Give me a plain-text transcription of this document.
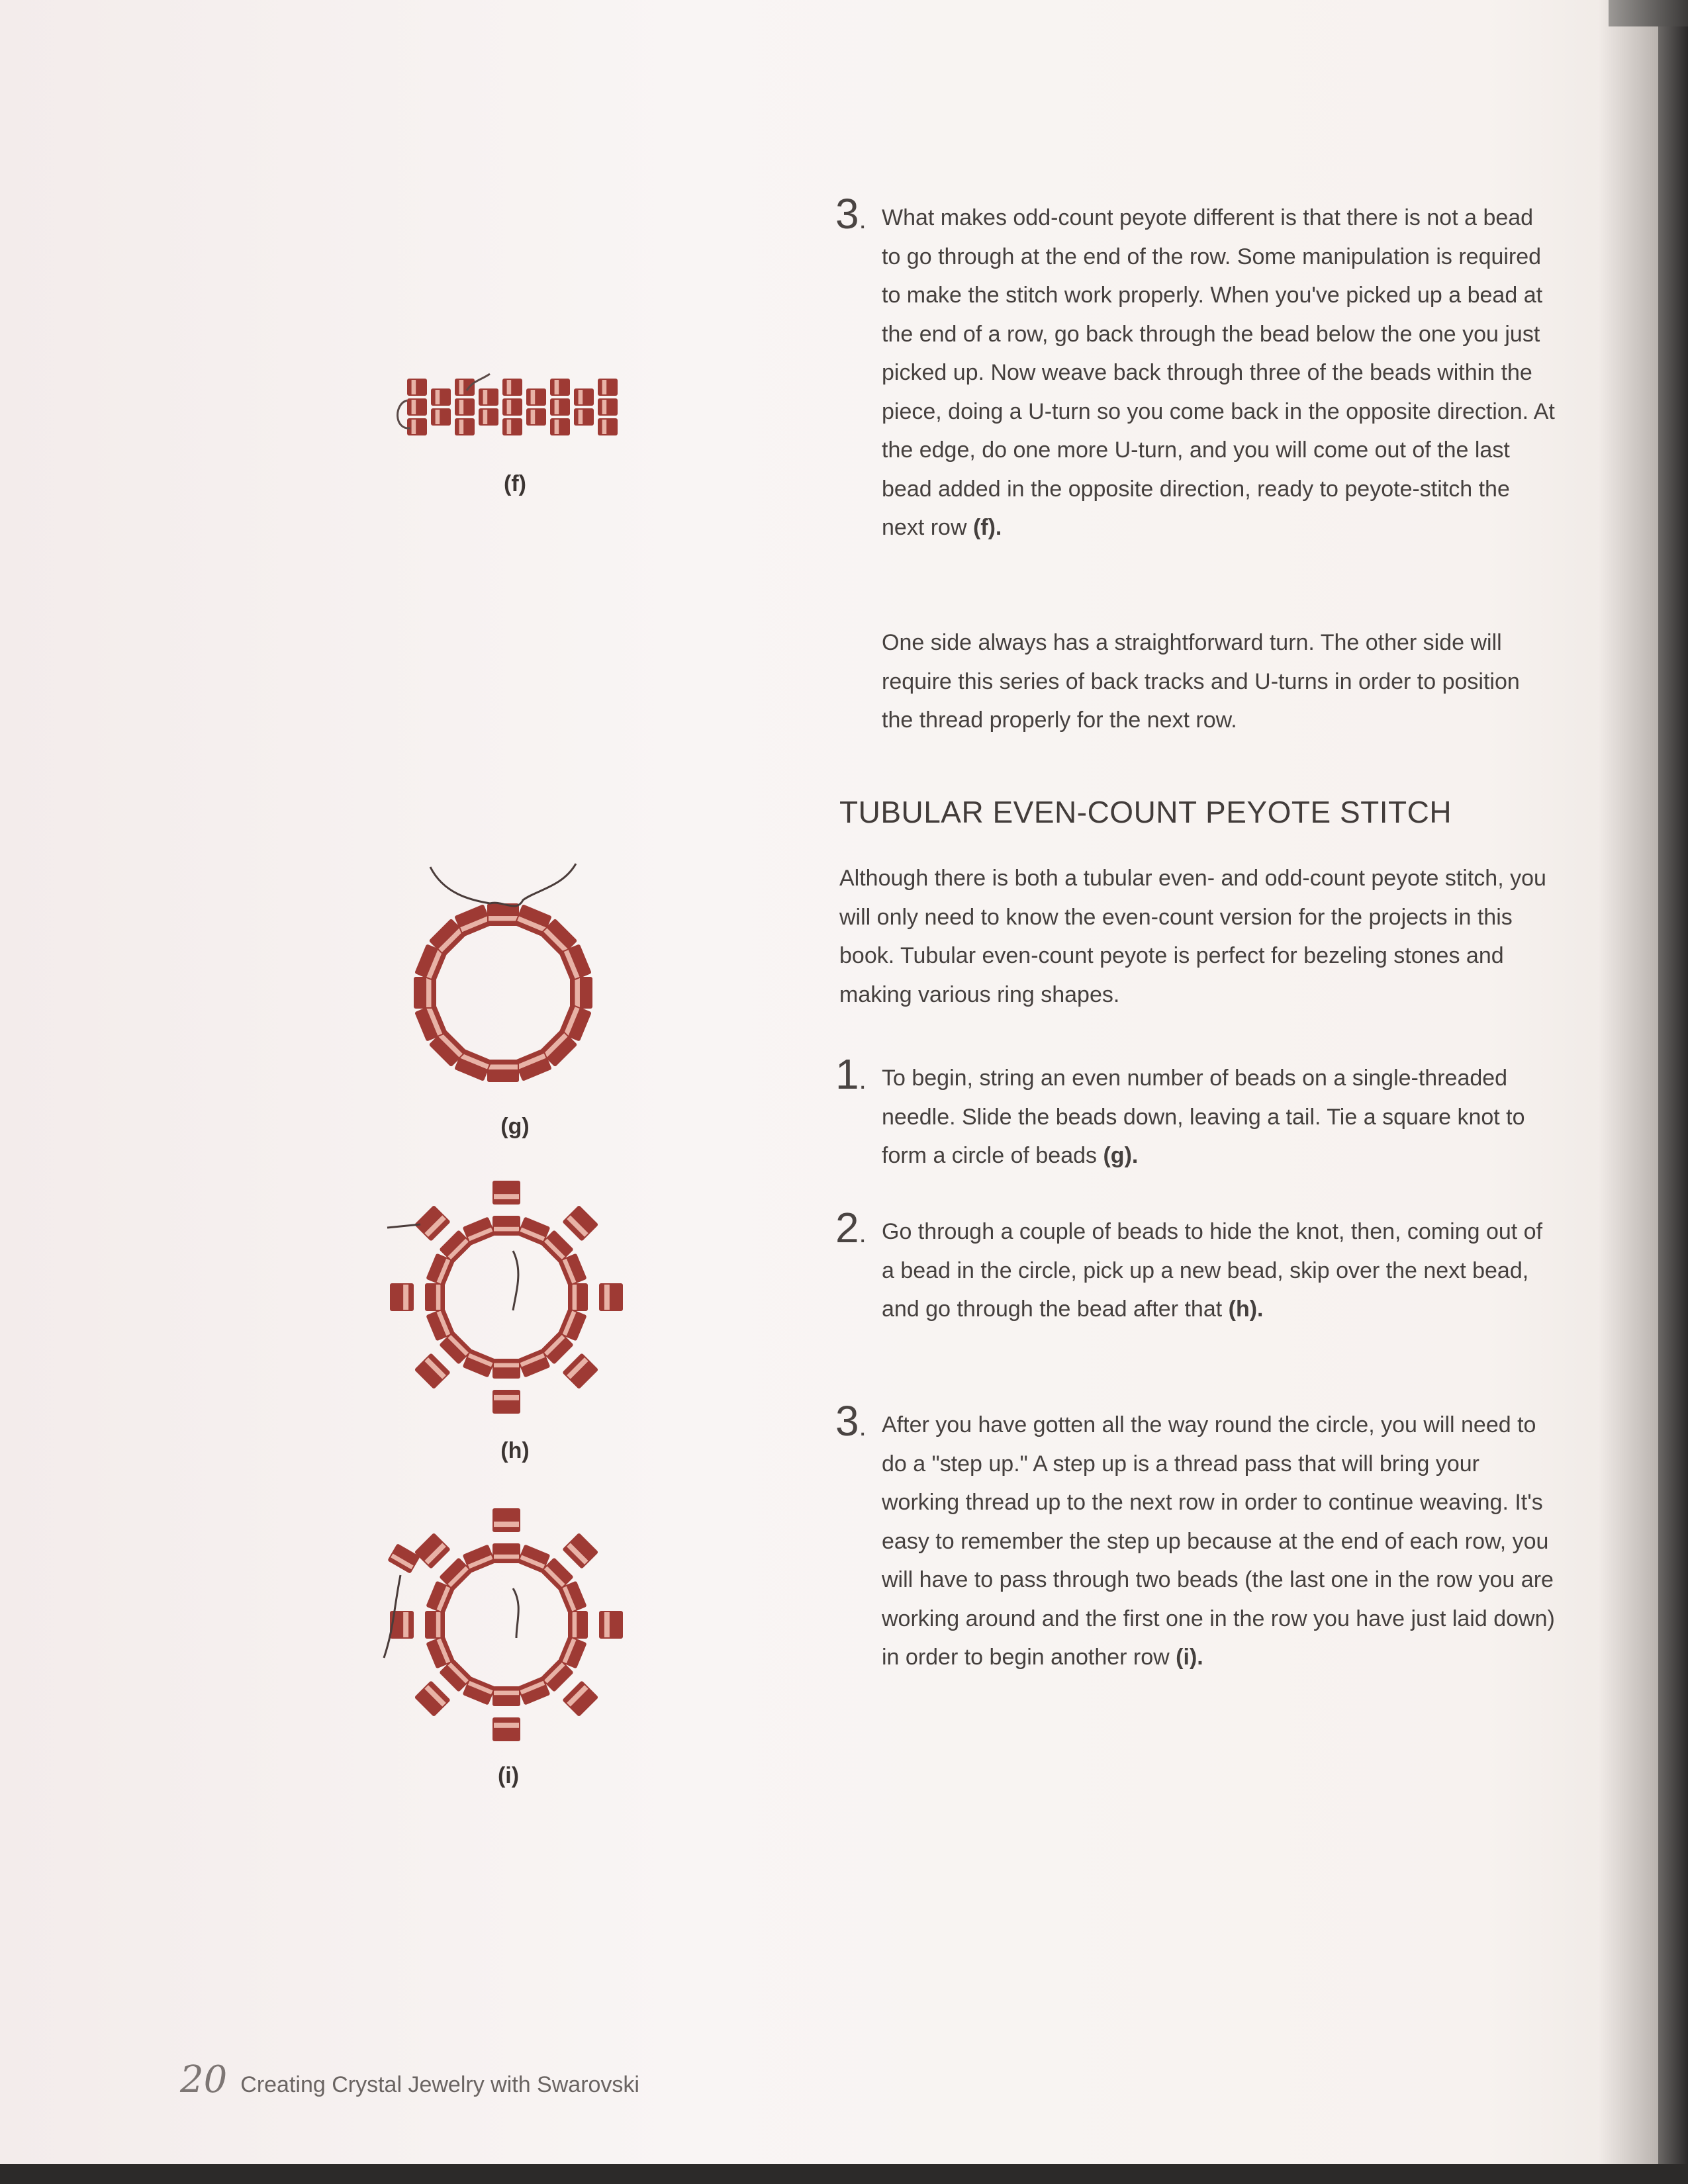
(f)
(g)
(h)
(i)
3. What makes odd-count peyote different is that there is not a bead to go through at the end of the row. Some manipulation is required to make the stitch work properly. When you've picked up a bead at the end of a row, go back through the bead below the one you just picked up. Now weave back through three of the beads within the piece, doing a U-turn so you come back in the opposite direction. At the edge, do one more U-turn, and you will come out of the last bead added in the opposite direction, ready to peyote-stitch the next row (f).
One side always has a straightforward turn. The other side will require this series of back tracks and U-turns in order to position the thread properly for the next row.
TUBULAR EVEN-COUNT PEYOTE STITCH
Although there is both a tubular even- and odd-count peyote stitch, you will only need to know the even-count version for the projects in this book. Tubular even-count peyote is perfect for bezeling stones and making various ring shapes.
1. To begin, string an even number of beads on a single-threaded needle. Slide the beads down, leaving a tail. Tie a square knot to form a circle of beads (g).
2. Go through a couple of beads to hide the knot, then, coming out of a bead in the circle, pick up a new bead, skip over the next bead, and go through the bead after that (h).
3. After you have gotten all the way round the circle, you will need to do a "step up." A step up is a thread pass that will bring your working thread up to the next row in order to continue weaving. It's easy to remember the step up because at the end of each row, you will have to pass through two beads (the last one in the row you are working around and the first one in the row you have just laid down) in order to begin another row (i).
20 Creating Crystal Jewelry with Swarovski
